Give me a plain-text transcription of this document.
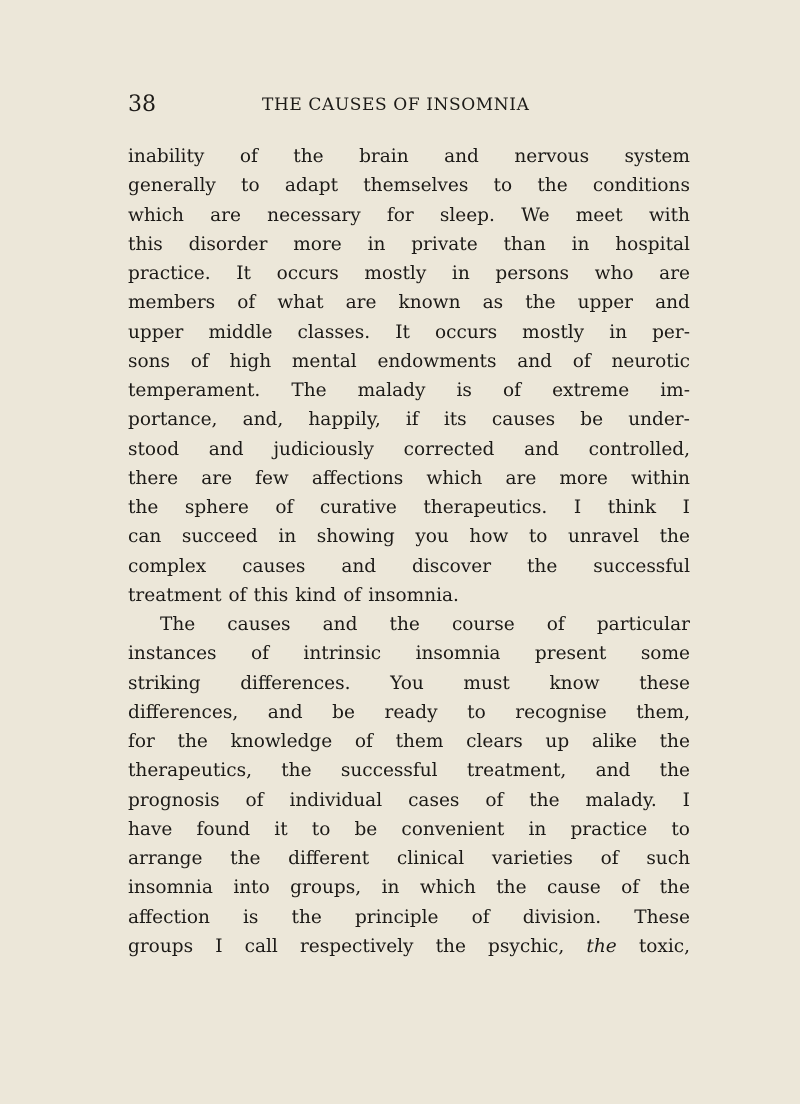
38	THE CAUSES OF INSOMNIA
inability of the brain and nervous system
generally to adapt themselves to the conditions
which are necessary for sleep. We meet with
this disorder more in private than in hospital
practice. It occurs mostly in persons who are
members of what are known as the upper and
upper middle classes. It occurs mostly in per-
sons of high mental endowments and of neurotic
temperament. The malady is of extreme im-
portance, and, happily, if its causes be under-
stood and judiciously corrected and controlled,
there are few affections which are more within
the sphere of curative therapeutics. I think I
can succeed in showing you how to unravel the
complex causes and discover the successful
treatment of this kind of insomnia.
The causes and the course of particular
instances of intrinsic insomnia present some
striking differences. You must know these
differences, and be ready to recognise them,
for the knowledge of them clears up alike the
therapeutics, the successful treatment, and the
prognosis of individual cases of the malady. I
have found it to be convenient in practice to
arrange the different clinical varieties of such
insomnia into groups, in which the cause of the
affection is the principle of division. These
groups I call respectively the psychic, the toxic,
